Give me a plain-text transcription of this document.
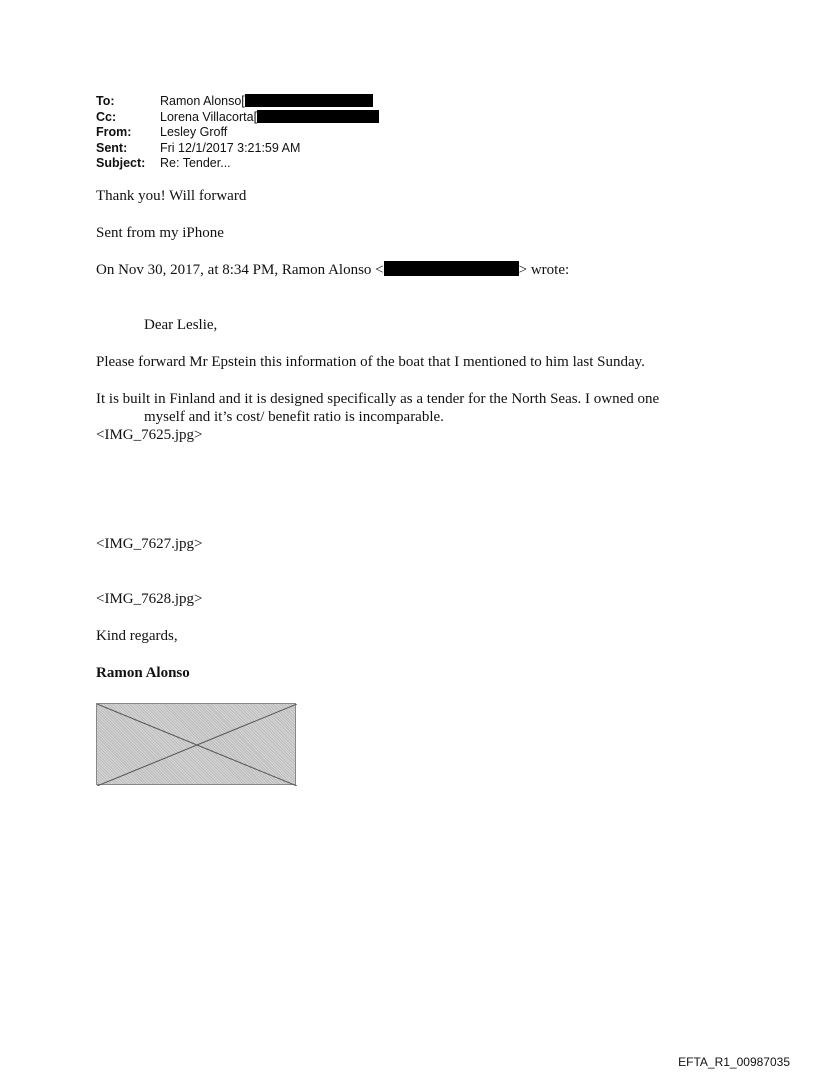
To:	Ramon Alonso[
Cc:	Lorena Villacorta[
From:	Lesley Groff
Sent:	Fri 12/1/2017 3:21:59 AM
Subject:	Re: Tender...

Thank you! Will forward

Sent from my iPhone

On Nov 30, 2017, at 8:34 PM, Ramon Alonso <	> wrote:

Dear Leslie,

Please forward Mr Epstein this information of the boat that I mentioned to him last Sunday.

It is built in Finland and it is designed specifically as a tender for the North Seas. I owned one myself and it’s cost/ benefit ratio is incomparable.

<IMG_7625.jpg>

<IMG_7627.jpg>

<IMG_7628.jpg>

Kind regards,

Ramon Alonso

EFTA_R1_00987035
